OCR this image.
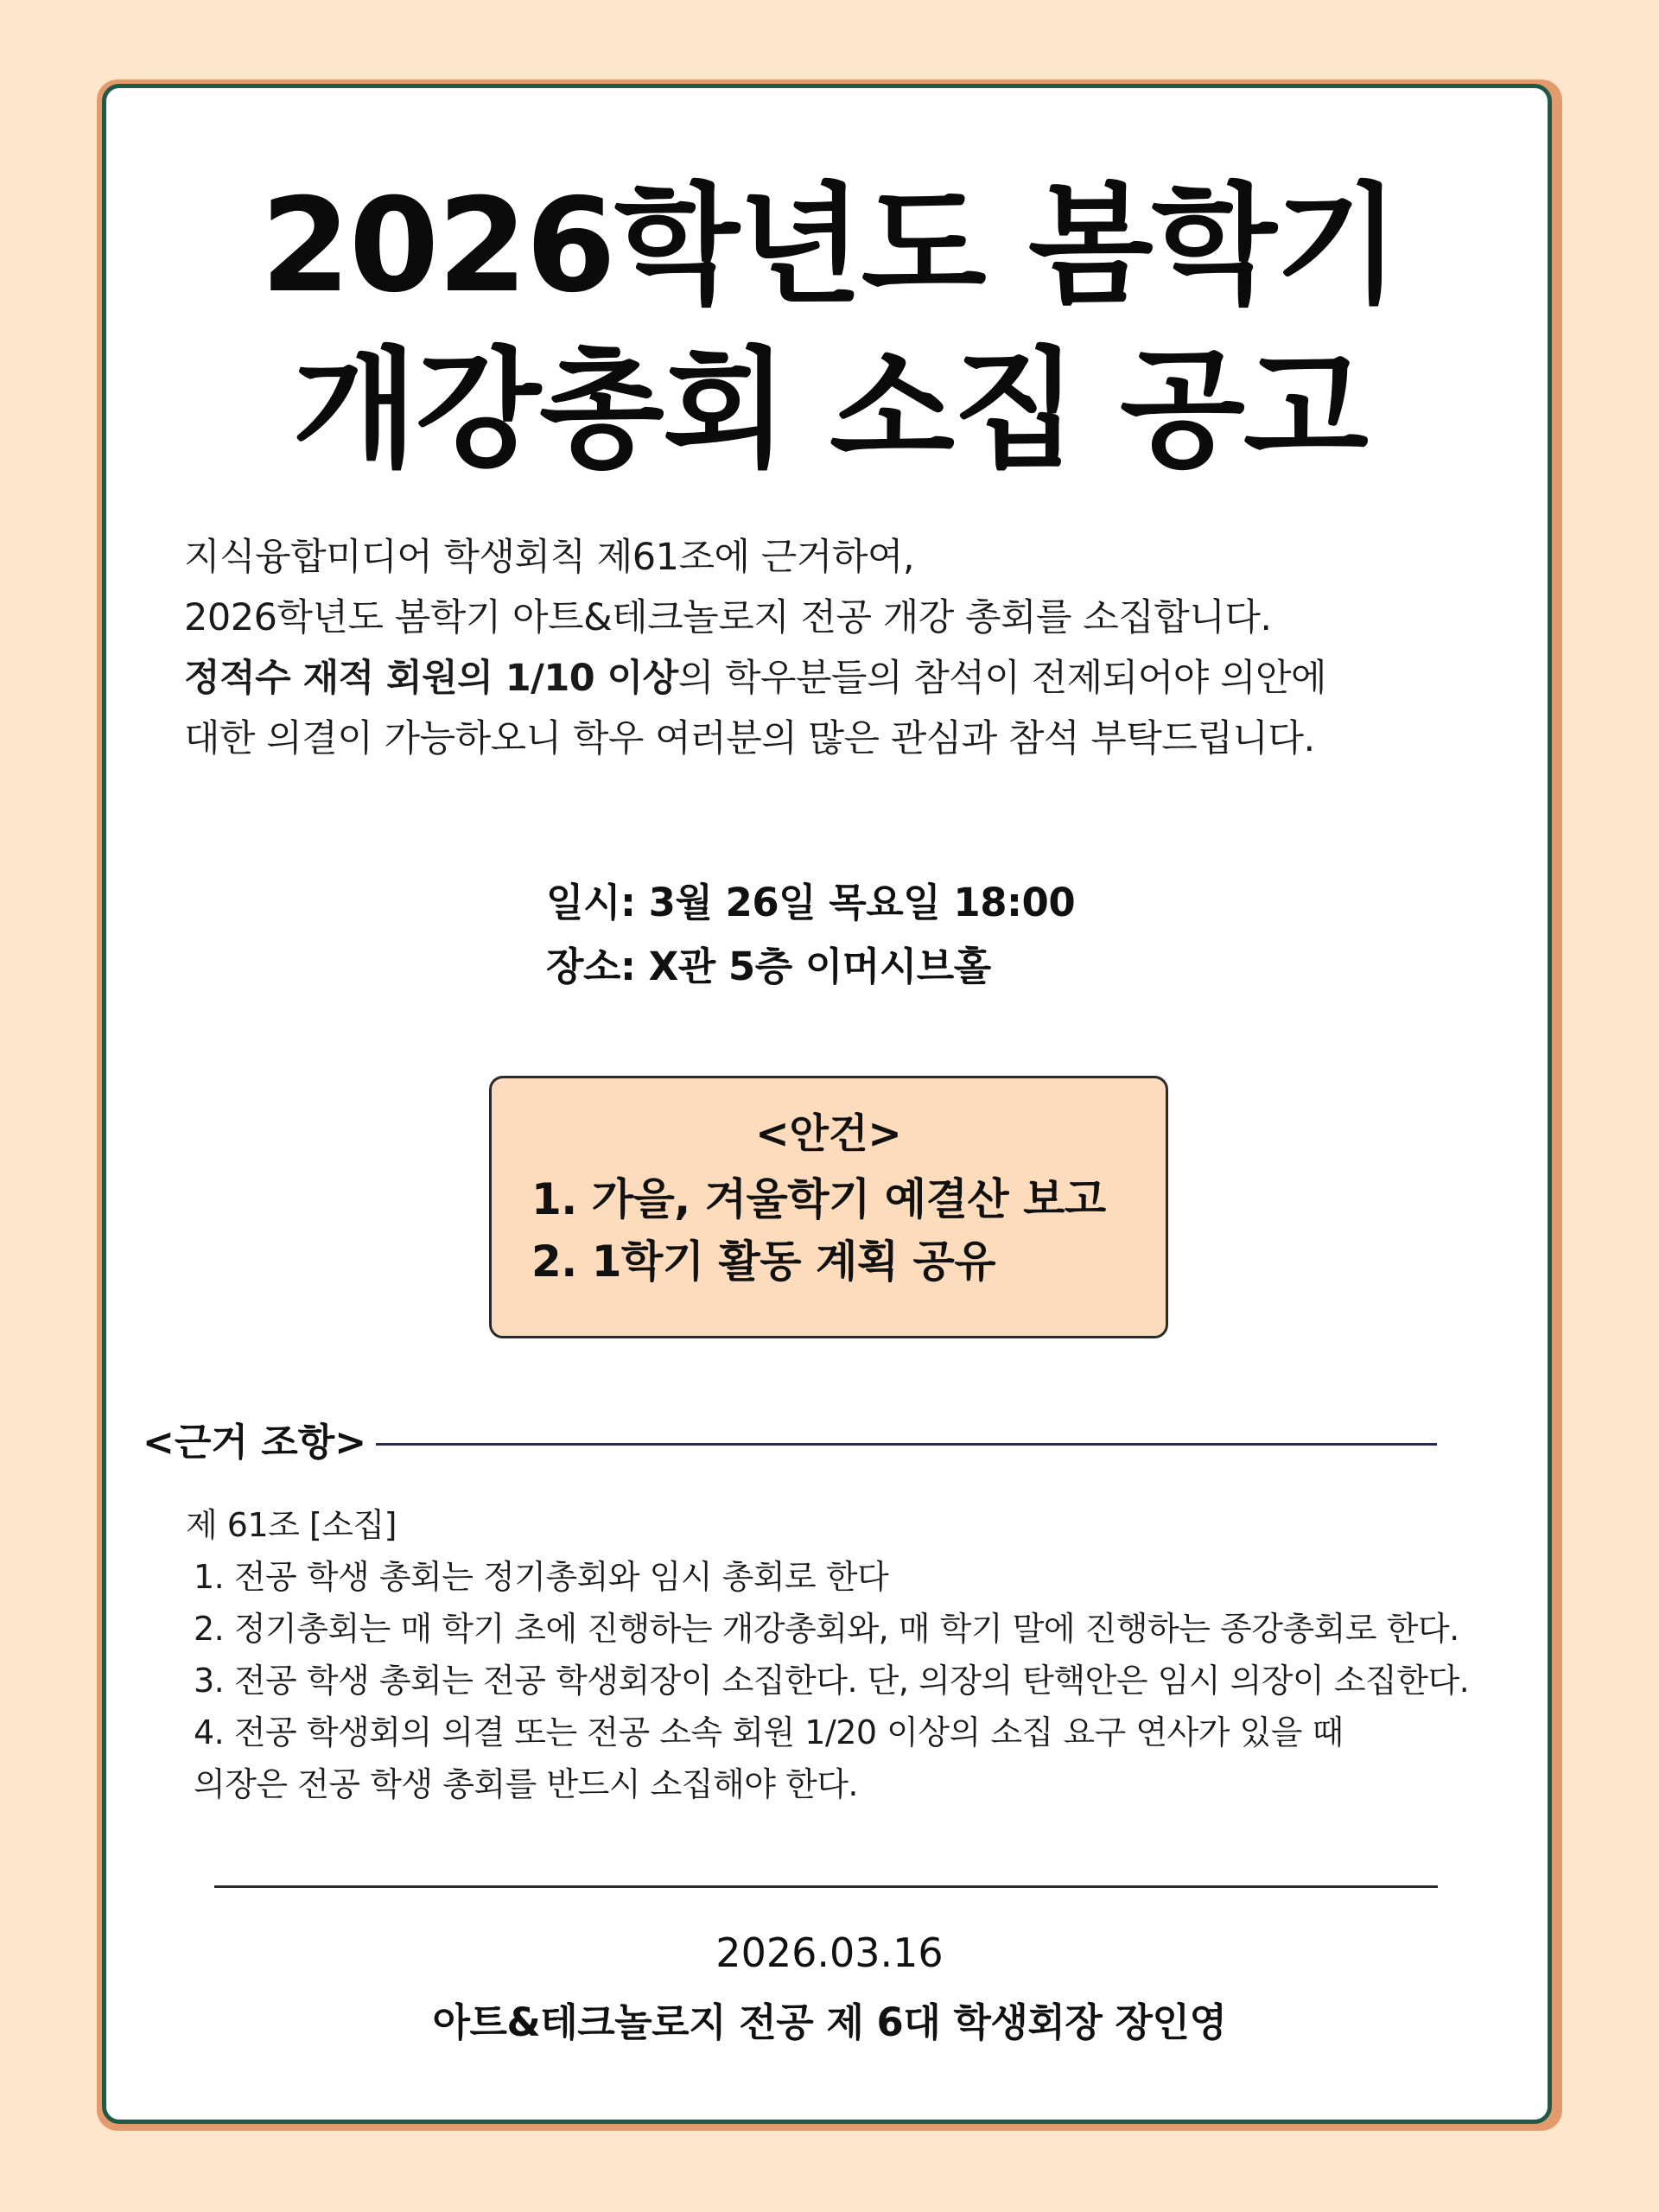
2026학년도 봄학기
개강총회 소집 공고

지식융합미디어 학생회칙 제61조에 근거하여,

2026학년도 봄학기 아트&테크놀로지 전공 개강 총회를 소집합니다.

정적수 재적 회원의 1/10 이상의 학우분들의 참석이 전제되어야 의안에

대한 의결이 가능하오니 학우 여러분의 많은 관심과 참석 부탁드립니다.

일시: 3월 26일 목요일 18:00

장소: X관 5층 이머시브홀

<안건>

1. 가을, 겨울학기 예결산 보고

2. 1학기 활동 계획 공유

<근거 조항>

제 61조 [소집]

1. 전공 학생 총회는 정기총회와 임시 총회로 한다

2. 정기총회는 매 학기 초에 진행하는 개강총회와, 매 학기 말에 진행하는 종강총회로 한다.

3. 전공 학생 총회는 전공 학생회장이 소집한다. 단, 의장의 탄핵안은 임시 의장이 소집한다.

4. 전공 학생회의 의결 또는 전공 소속 회원 1/20 이상의 소집 요구 연사가 있을 때

의장은 전공 학생 총회를 반드시 소집해야 한다.

2026.03.16
아트&테크놀로지 전공 제 6대 학생회장 장인영
